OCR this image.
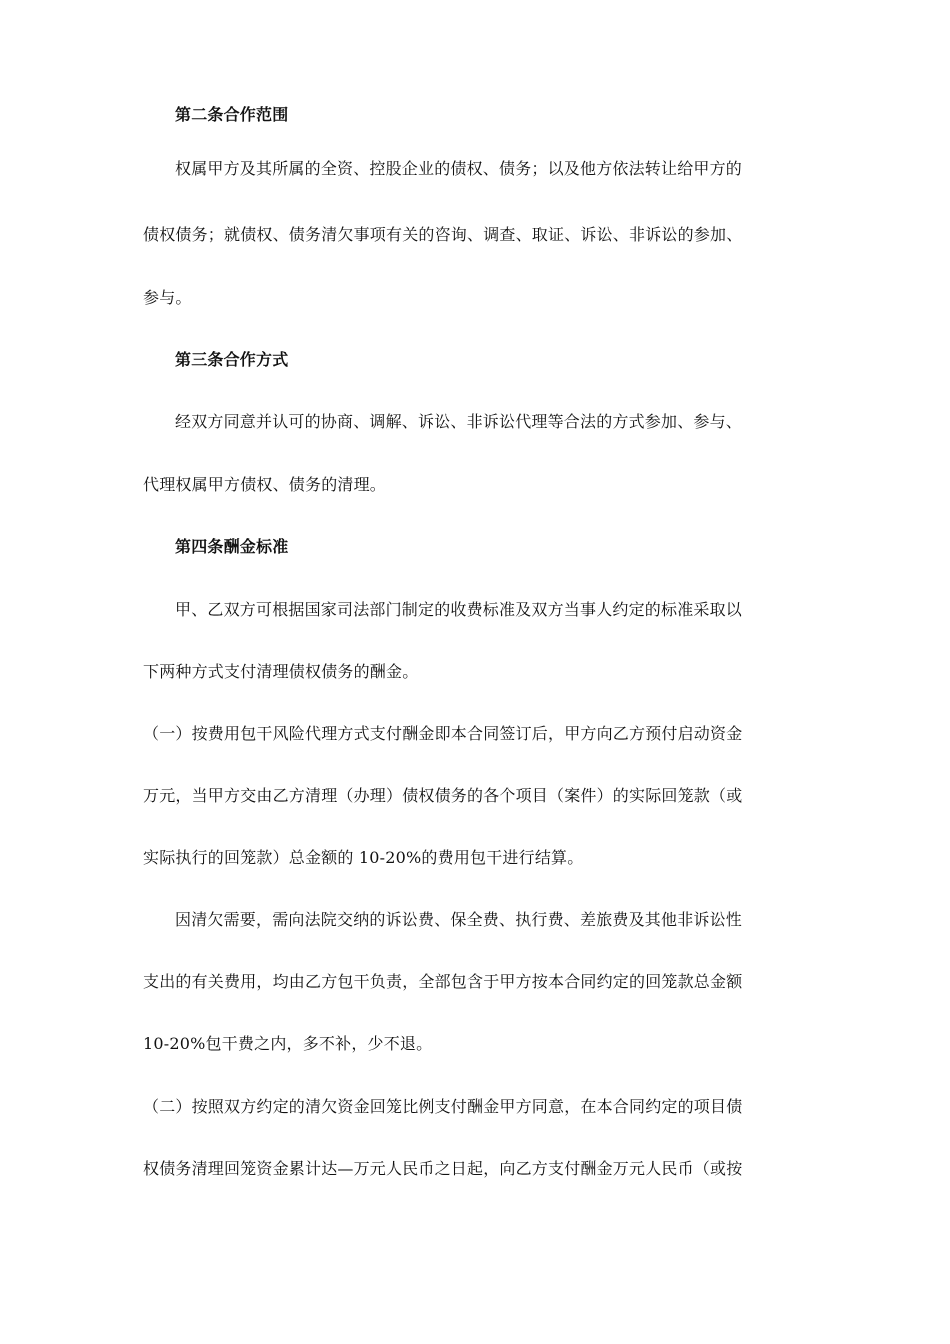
第二条合作范围
权属甲方及其所属的全资、控股企业的债权、债务；以及他方依法转让给甲方的
债权债务；就债权、债务清欠事项有关的咨询、调查、取证、诉讼、非诉讼的参加、
参与。
第三条合作方式
经双方同意并认可的协商、调解、诉讼、非诉讼代理等合法的方式参加、参与、
代理权属甲方债权、债务的清理。
第四条酬金标准
甲、乙双方可根据国家司法部门制定的收费标准及双方当事人约定的标准采取以
下两种方式支付清理债权债务的酬金。
（一）按费用包干风险代理方式支付酬金即本合同签订后，甲方向乙方预付启动资金
万元，当甲方交由乙方清理（办理）债权债务的各个项目（案件）的实际回笼款（或
实际执行的回笼款）总金额的 10-20%的费用包干进行结算。
因清欠需要，需向法院交纳的诉讼费、保全费、执行费、差旅费及其他非诉讼性
支出的有关费用，均由乙方包干负责，全部包含于甲方按本合同约定的回笼款总金额
10-20%包干费之内，多不补，少不退。
（二）按照双方约定的清欠资金回笼比例支付酬金甲方同意，在本合同约定的项目债
权债务清理回笼资金累计达—万元人民币之日起，向乙方支付酬金万元人民币（或按
